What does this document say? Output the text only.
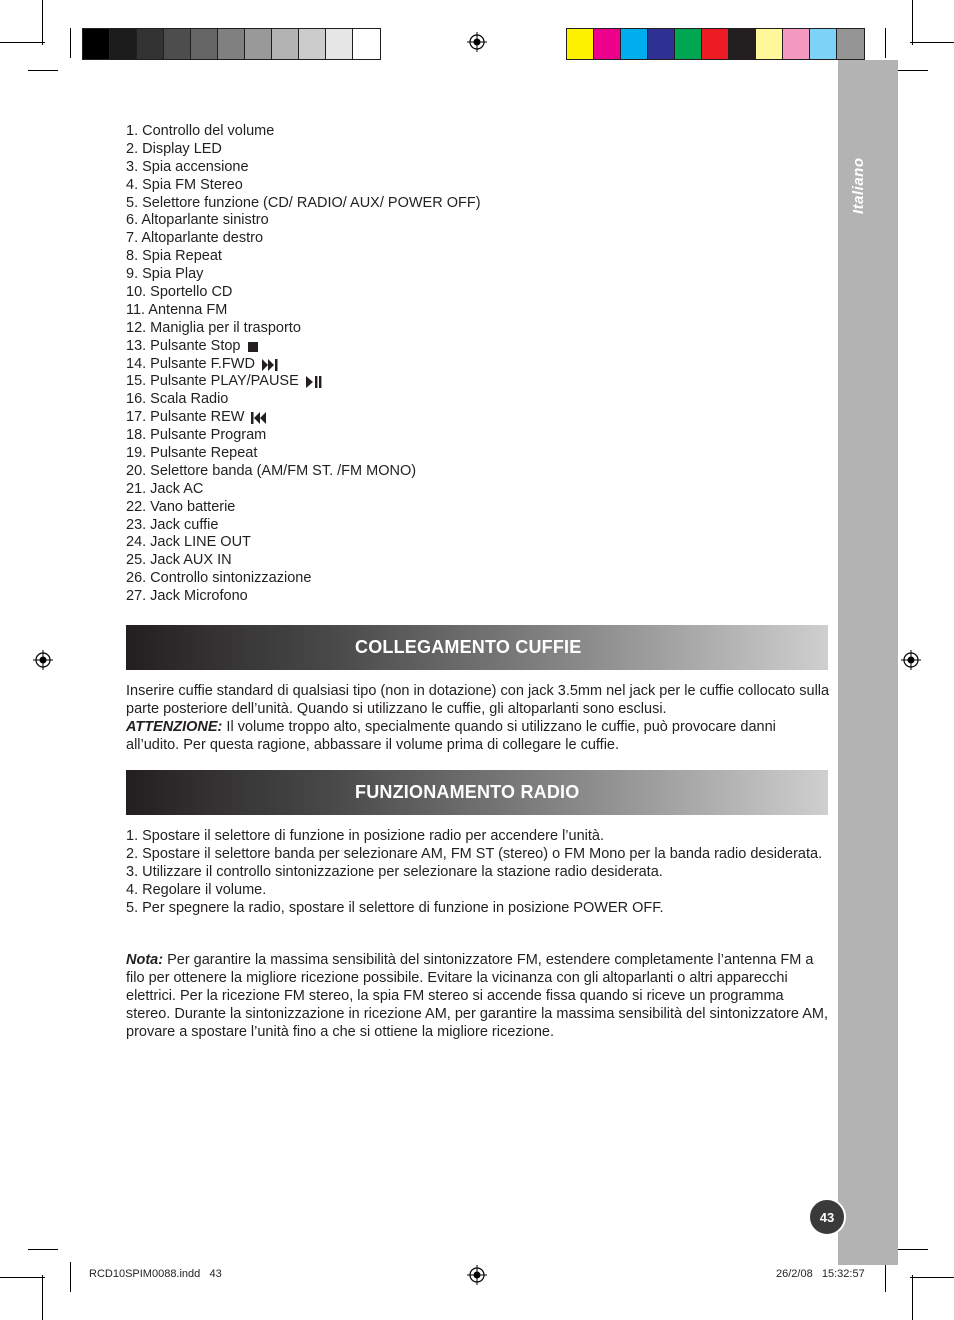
Italiano
43
1. Controllo del volume
2. Display LED
3. Spia accensione
4. Spia FM Stereo
5. Selettore funzione (CD/ RADIO/ AUX/ POWER OFF)
6. Altoparlante sinistro
7. Altoparlante destro
8. Spia Repeat
9. Spia Play
10. Sportello CD
11. Antenna FM
12. Maniglia per il trasporto
13. Pulsante Stop
14. Pulsante F.FWD
15. Pulsante PLAY/PAUSE
16. Scala Radio
17. Pulsante REW
18. Pulsante Program
19. Pulsante Repeat
20. Selettore banda (AM/FM ST. /FM MONO)
21. Jack AC
22. Vano batterie
23. Jack cuffie
24. Jack LINE OUT
25. Jack AUX IN
26. Controllo sintonizzazione
27. Jack Microfono
COLLEGAMENTO CUFFIE

Inserire cuffie standard di qualsiasi tipo (non in dotazione) con jack 3.5mm nel jack per le cuffie collocato sulla parte posteriore dell’unità. Quando si utilizzano le cuffie, gli altoparlanti sono esclusi.
ATTENZIONE: Il volume troppo alto, specialmente quando si utilizzano le cuffie, può provocare danni all’udito. Per questa ragione, abbassare il volume prima di collegare le cuffie.

FUNZIONAMENTO RADIO
1. Spostare il selettore di funzione in posizione radio per accendere l’unità.
2. Spostare il selettore banda per selezionare AM, FM ST (stereo) o FM Mono per la banda radio desiderata.
3. Utilizzare il controllo sintonizzazione per selezionare la stazione radio desiderata.
4. Regolare il volume.
5. Per spegnere la radio, spostare il selettore di funzione in posizione POWER OFF.

Nota: Per garantire la massima sensibilità del sintonizzatore FM, estendere completamente l’antenna FM a filo per ottenere la migliore ricezione possibile. Evitare la vicinanza con gli altoparlanti o altri apparecchi elettrici. Per la ricezione FM stereo, la spia FM stereo si accende fissa quando si riceve un programma stereo. Durante la sintonizzazione in ricezione AM, per garantire la massima sensibilità del sintonizzatore AM, provare a spostare l’unità fino a che si ottiene la migliore ricezione.

RCD10SPIM0088.indd   43	26/2/08   15:32:57
